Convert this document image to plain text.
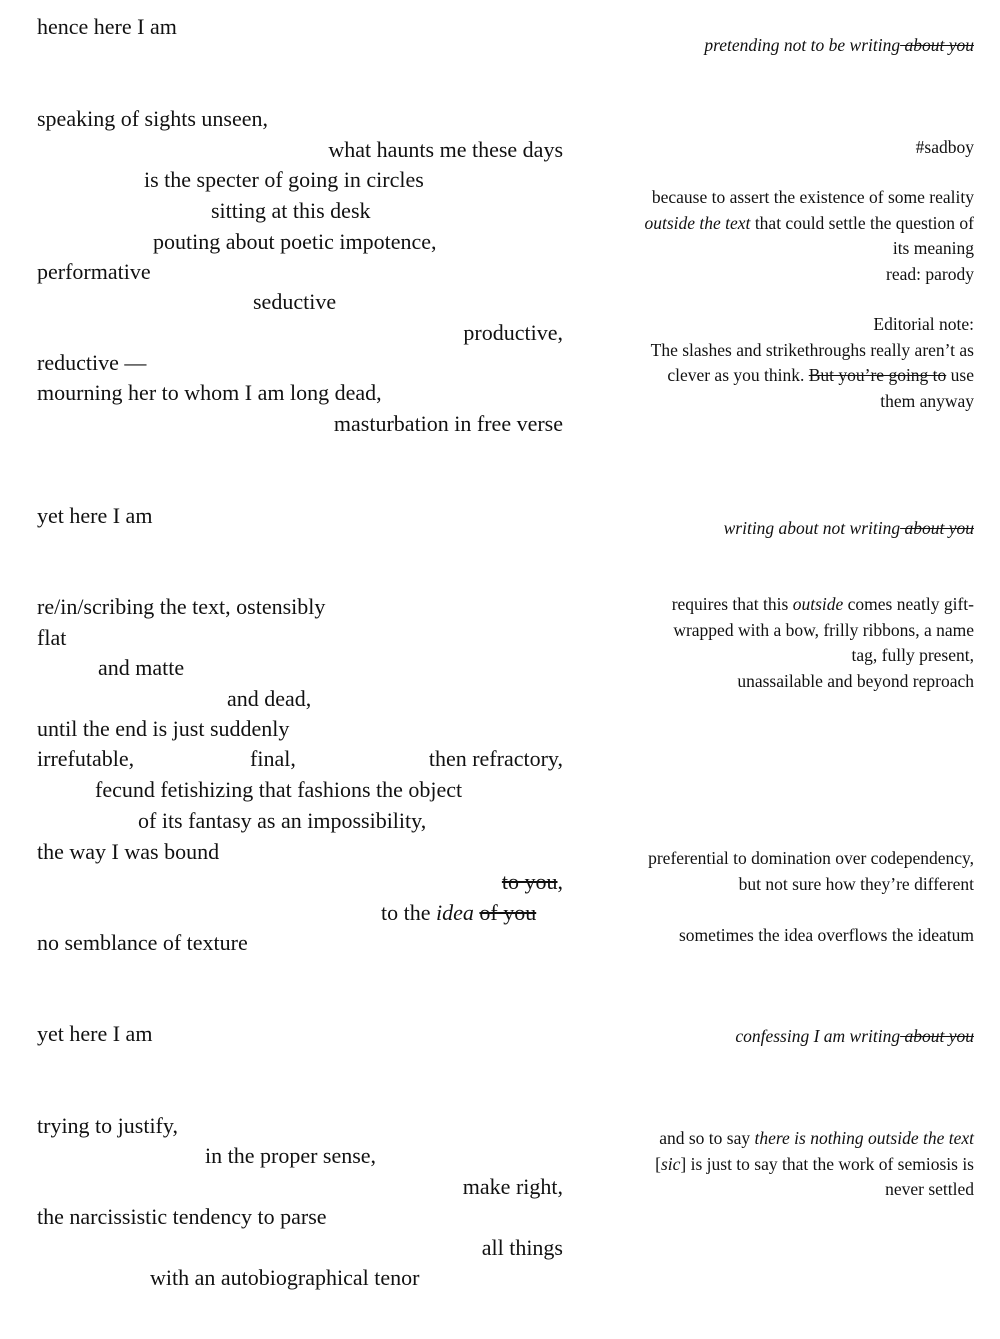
hence here I am
speaking of sights unseen,
what haunts me these days
is the specter of going in circles
sitting at this desk
pouting about poetic impotence,
performative
seductive
productive,
reductive —
mourning her to whom I am long dead,
masturbation in free verse
yet here I am
re/in/scribing the text, ostensibly
flat
and matte
and dead,
until the end is just suddenly
irrefutable,	final,	then refractory,
fecund fetishizing that fashions the object
of its fantasy as an impossibility,
the way I was bound
to you,
to the idea of you
no semblance of texture
yet here I am
trying to justify,
in the proper sense,
make right,
the narcissistic tendency to parse
all things
with an autobiographical tenor
pretending not to be writing about you
#sadboy
because to assert the existence of some reality
outside the text that could settle the question of
its meaning
read: parody
Editorial note:
The slashes and strikethroughs really aren’t as
clever as you think. But you’re going to use
them anyway
writing about not writing about you
requires that this outside comes neatly gift-
wrapped with a bow, frilly ribbons, a name
tag, fully present,
unassailable and beyond reproach
preferential to domination over codependency,
but not sure how they’re different
sometimes the idea overflows the ideatum
confessing I am writing about you
and so to say there is nothing outside the text
[sic] is just to say that the work of semiosis is
never settled
